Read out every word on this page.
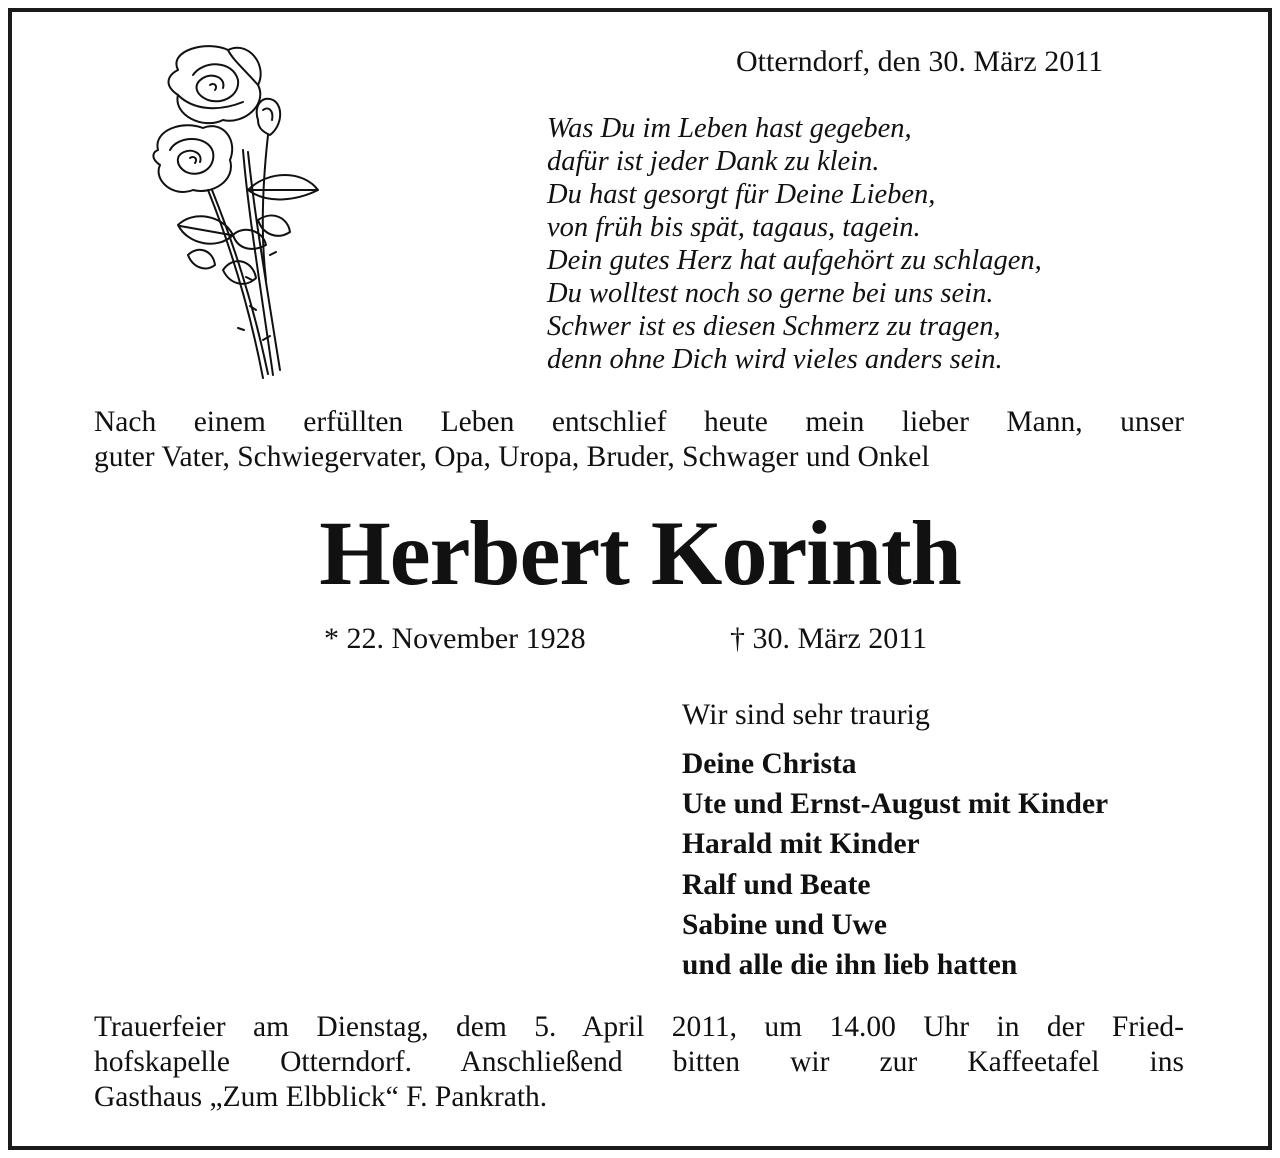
Otterndorf, den 30. März 2011
Was Du im Leben hast gegeben,
dafür ist jeder Dank zu klein.
Du hast gesorgt für Deine Lieben,
von früh bis spät, tagaus, tagein.
Dein gutes Herz hat aufgehört zu schlagen,
Du wolltest noch so gerne bei uns sein.
Schwer ist es diesen Schmerz zu tragen,
denn ohne Dich wird vieles anders sein.
Nach einem erfüllten Leben entschlief heute mein lieber Mann, unser
guter Vater, Schwiegervater, Opa, Uropa, Bruder, Schwager und Onkel
Herbert Korinth
* 22. November 1928	† 30. März 2011
Wir sind sehr traurig
Deine Christa
Ute und Ernst-August mit Kinder
Harald mit Kinder
Ralf und Beate
Sabine und Uwe
und alle die ihn lieb hatten
Trauerfeier am Dienstag, dem 5. April 2011, um 14.00 Uhr in der Fried-
hofskapelle Otterndorf. Anschließend bitten wir zur Kaffeetafel ins
Gasthaus „Zum Elbblick“ F. Pankrath.
